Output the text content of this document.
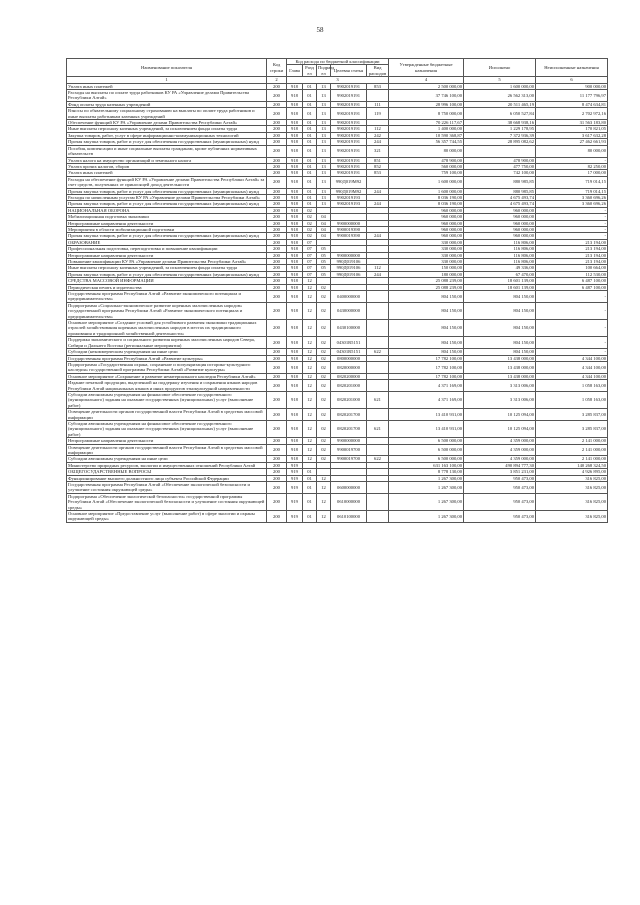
58
Наименование показателя	Код строки	Код расхода по бюджетной классификации					Утвержденные бюджетные назначения	Исполнено	Неисполненные назначения
		Глава	Разд ел	Подразд ел	Целевая статья	Вид расходов			
1	2	3					4	5	6
Уплата иных платежей	200	918	01	13	9902019191	853	2 500 000,00	1 600 000,00	900 000,00
Расходы на выплаты по оплате труда работников КУ РА «Управление делами Правительства Республики Алтай»	200	918	01	13	9902019191		37 746 100,00	26 562 313,00	11 177 796,97
Фонд оплаты труда казенных учреждений	200	918	01	13	9902019191	111	28 996 100,00	20 511 465,19	8 474 634,81
Взносы по обязательному социальному страхованию на выплаты по оплате труда работников и иные выплаты работникам казенных учреждений	200	918	01	13	9902019191	119	8 750 000,00	6 050 527,84	2 702 972,16
Обеспечение функций КУ РА «Управление делами Правительства Республики Алтай»	200	918	01	13	9902019191		70 226 117,67	38 668 938,16	31 563 183,80
Иные выплаты персоналу казенных учреждений, за исключением фонда оплаты труда	200	918	01	13	9902019191	112	1 400 000,00	1 229 178,95	170 821,05
Закупка товаров, работ, услуг в сфере информационно-коммуникационных технологий	200	918	01	13	9902019191	242	10 590 368,87	7 372 936,39	3 617 632,28
Прочая закупка товаров, работ и услуг для обеспечения государственных (муниципальных) нужд	200	918	01	13	9902019191	244	56 357 744,55	28 895 082,62	27 462 661,93
Пособия, компенсации и иные социальные выплаты гражданам, кроме публичных нормативных обязательств	200	918	01	13	9902019191	321	80 000,00		80 000,00
Уплата налога на имущество организаций и земельного налога	200	918	01	13	9902019191	851	478 900,00	478 900,00	-
Уплата прочих налогов, сборов	200	918	01	13	9902019191	852	560 000,00	477 750,00	82 250,00
Уплата иных платежей	200	918	01	13	9902019191	853	759 100,00	742 100,00	17 000,00
Расходы на обеспечение функций КУ РА «Управление делами Правительства Республики Алтай» за счет средств, полученных от приносящей доход деятельности	200	918	01	13	990Д019М92		1 600 000,00	880 985,85	719 014,15
Прочая закупка товаров, работ и услуг для обеспечения государственных (муниципальных) нужд	200	918	01	13	990Д019М92	244	1 600 000,00	880 985,85	719 014,15
Расходы по начисленным услугам КУ РА «Управление делами Правительства Республики Алтай»	200	918	01	13	9902019193		8 036 190,00	4 675 493,74	3 360 696,26
Прочая закупка товаров, работ и услуг для обеспечения государственных (муниципальных) нужд	200	918	01	13	9902019193	244	8 036 190,00	4 675 493,74	3 360 696,26
НАЦИОНАЛЬНАЯ ОБОРОНА	200	918	02				960 000,00	960 000,00	-
Мобилизационная подготовка экономики	200	918	02	04			960 000,00	960 000,00	-
Непрограммные направления деятельности	200	918	02	04	9900000000		960 000,00	960 000,00	-
Мероприятия в области мобилизационной подготовки	200	918	02	04	9900019390		960 000,00	960 000,00	-
Прочая закупка товаров, работ и услуг для обеспечения государственных (муниципальных) нужд	200	918	02	04	9900019390	244	960 000,00	960 000,00	-
ОБРАЗОВАНИЕ	200	918	07				330 000,00	116 806,00	213 194,00
Профессиональная подготовка, переподготовка и повышение квалификации	200	918	07	05			330 000,00	116 806,00	213 194,00
Непрограммные направления деятельности	200	918	07	05	9900000000		330 000,00	116 806,00	213 194,00
Повышение квалификации КУ РА «Управление делами Правительства Республики Алтай»	200	918	07	05	990Д019106		330 000,00	116 806,00	213 194,00
Иные выплаты персоналу казенных учреждений, за исключением фонда оплаты труда	200	918	07	05	990Д019106	112	150 000,00	49 336,00	100 664,00
Прочая закупка товаров, работ и услуг для обеспечения государственных (муниципальных) нужд	200	918	07	05	990Д019106	244	180 000,00	67 470,00	112 530,00
СРЕДСТВА МАССОВОЙ ИНФОРМАЦИИ	200	918	12				25 088 239,00	18 601 139,00	6 487 100,00
Периодическая печать и издательства	200	918	12	02			25 088 239,00	18 601 139,00	6 487 100,00
Государственная программа Республики Алтай «Развитие экономического потенциала и предпринимательства»	200	918	12	02	0400000000		804 150,00	804 150,00	-
Подпрограмма «Социально-экономическое развитие коренных малочисленных народов» государственной программы Республики Алтай «Развитие экономического потенциала и предпринимательства»	200	918	12	02	0430000000		804 150,00	804 150,00	-
Основное мероприятие «Создание условий для устойчивого развития экономики традиционных отраслей хозяйствования коренных малочисленных народов в местах их традиционного проживания и традиционной хозяйственной деятельности»	200	918	12	02	0430100000		804 150,00	804 150,00	-
Поддержка экономического и социального развития коренных малочисленных народов Севера, Сибири и Дальнего Востока (региональные мероприятия)	200	918	12	02	04301R5151		804 150,00	804 150,00	-
Субсидии (некоммерческим учреждениям на иные цели	200	918	12	02	04301R5151	622	804 150,00	804 150,00	-
Государственная программа Республики Алтай «Развитие культуры»	200	918	12	02	0800000000		17 782 100,00	13 438 000,00	4 344 100,00
Подпрограмма «Государственная охрана, сохранение и популяризация историко-культурного наследия» государственной программы Республики Алтай «Развитие культуры»	200	918	12	02	0820000000		17 782 100,00	13 438 000,00	4 344 100,00
Основное мероприятие «Сохранение и развитие нематериального наследия Республики Алтай»	200	918	12	02	0820200000		17 782 100,00	13 438 000,00	4 344 100,00
Издание печатной продукции, выделенной на поддержку изучения и сохранения языков народов Республики Алтай национальных языков и иных продуктов этнокультурной направленности	200	918	12	02	0820201000		4 371 169,00	3 313 006,00	1 058 163,00
Субсидии автономным учреждениям на финансовое обеспечение государственного (муниципального) задания на оказание государственных (муниципальных) услуг (выполнение работ)	200	918	12	02	0820201000	621	4 371 169,00	3 313 006,00	1 058 163,00
Освещение деятельности органов государственной власти Республики Алтай в средствах массовой информации	200	918	12	02	0820201700		13 410 931,00	10 125 094,00	3 285 837,00
Субсидии автономным учреждениям на финансовое обеспечение государственного (муниципального) задания на оказание государственных (муниципальных) услуг (выполнение работ)	200	918	12	02	0820201700	621	13 410 931,00	10 125 094,00	3 285 837,00
Непрограммные направления деятельности	200	918	12	02	9900000000		6 500 000,00	4 359 000,00	2 141 000,00
Освещение деятельности органов государственной власти Республики Алтай в средствах массовой информации	200	918	12	02	9900019700		6 500 000,00	4 359 000,00	2 141 000,00
Субсидии автономным учреждениям на иные цели	200	918	12	02	9900019700	622	6 500 000,00	4 359 000,00	2 141 000,00
Министерство природных ресурсов, экологии и имущественных отношений Республики Алтай	200	919					631 163 100,00	490 894 777,30	140 268 324,50
ОБЩЕГОСУДАРСТВЕННЫЕ ВОПРОСЫ	200	919	01				8 778 130,00	3 851 231,00	4 926 895,00
Функционирование высшего должностного лица субъекта Российской Федерации	200	919	01	12			1 267 300,00	950 473,00	316 825,00
Государственная программа Республики Алтай «Обеспечение экологической безопасности и улучшение состояния окружающей среды»	200	919	01	12	0600000000		1 267 300,00	950 473,00	316 825,00
Подпрограмма «Обеспечение экологической безопасности» государственной программы Республики Алтай «Обеспечение экологической безопасности и улучшение состояния окружающей среды»	200	919	01	12	0610000000		1 267 300,00	950 473,00	316 825,00
Основное мероприятие «Предоставление услуг (выполнение работ) в сфере экологии и охраны окружающей среды»	200	919	01	12	0610100000		1 267 300,00	950 473,00	316 825,00
